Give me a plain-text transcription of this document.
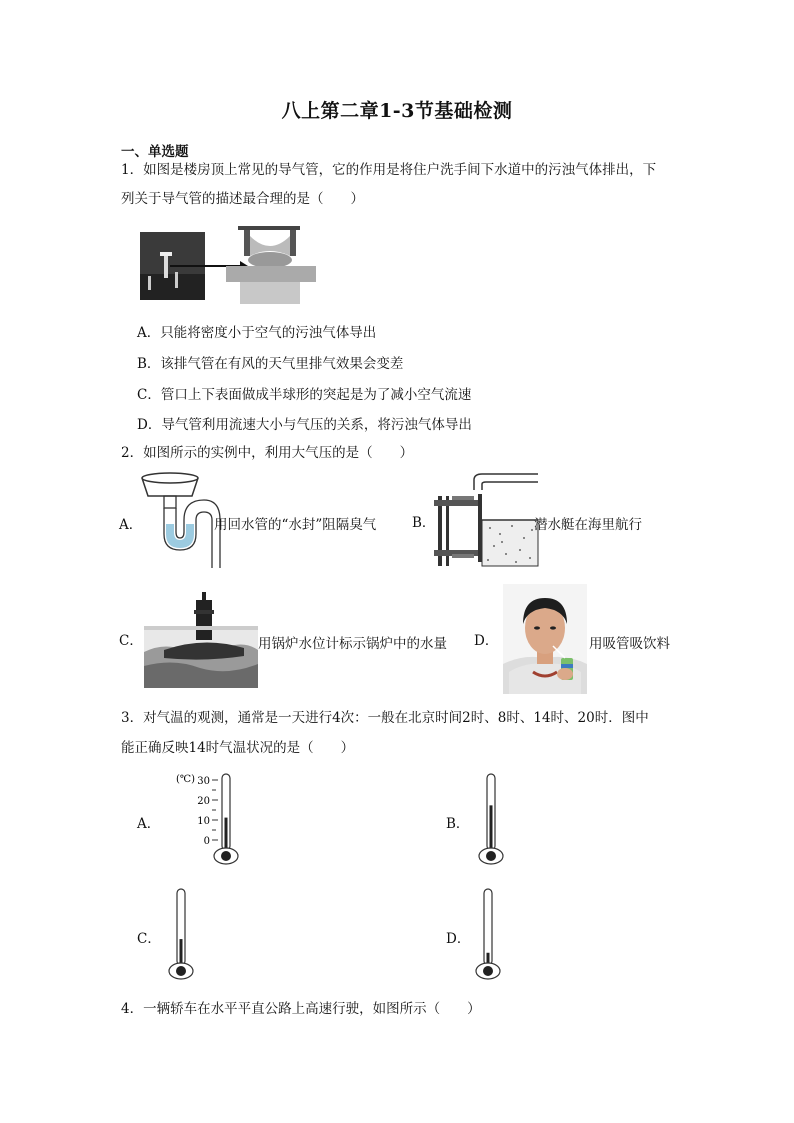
八上第二章1-3节基础检测
一、单选题
1．如图是楼房顶上常见的导气管，它的作用是将住户洗手间下水道中的污浊气体排出，下
列关于导气管的描述最合理的是（　　）
A．只能将密度小于空气的污浊气体导出
B．该排气管在有风的天气里排气效果会变差
C．管口上下表面做成半球形的突起是为了减小空气流速
D．导气管利用流速大小与气压的关系，将污浊气体导出
2．如图所示的实例中，利用大气压的是（　　）
A．	用回水管的“水封”阻隔臭气	B．	潜水艇在海里航行
C．	用锅炉水位计标示锅炉中的水量 D．	用吸管吸饮料
3．对气温的观测，通常是一天进行4次：一般在北京时间2时、8时、14时、20时．图中
能正确反映14时气温状况的是（　　）
A．	B．
C．	D．
(℃) 30
20
10
0
4．一辆轿车在水平平直公路上高速行驶，如图所示（　　）
